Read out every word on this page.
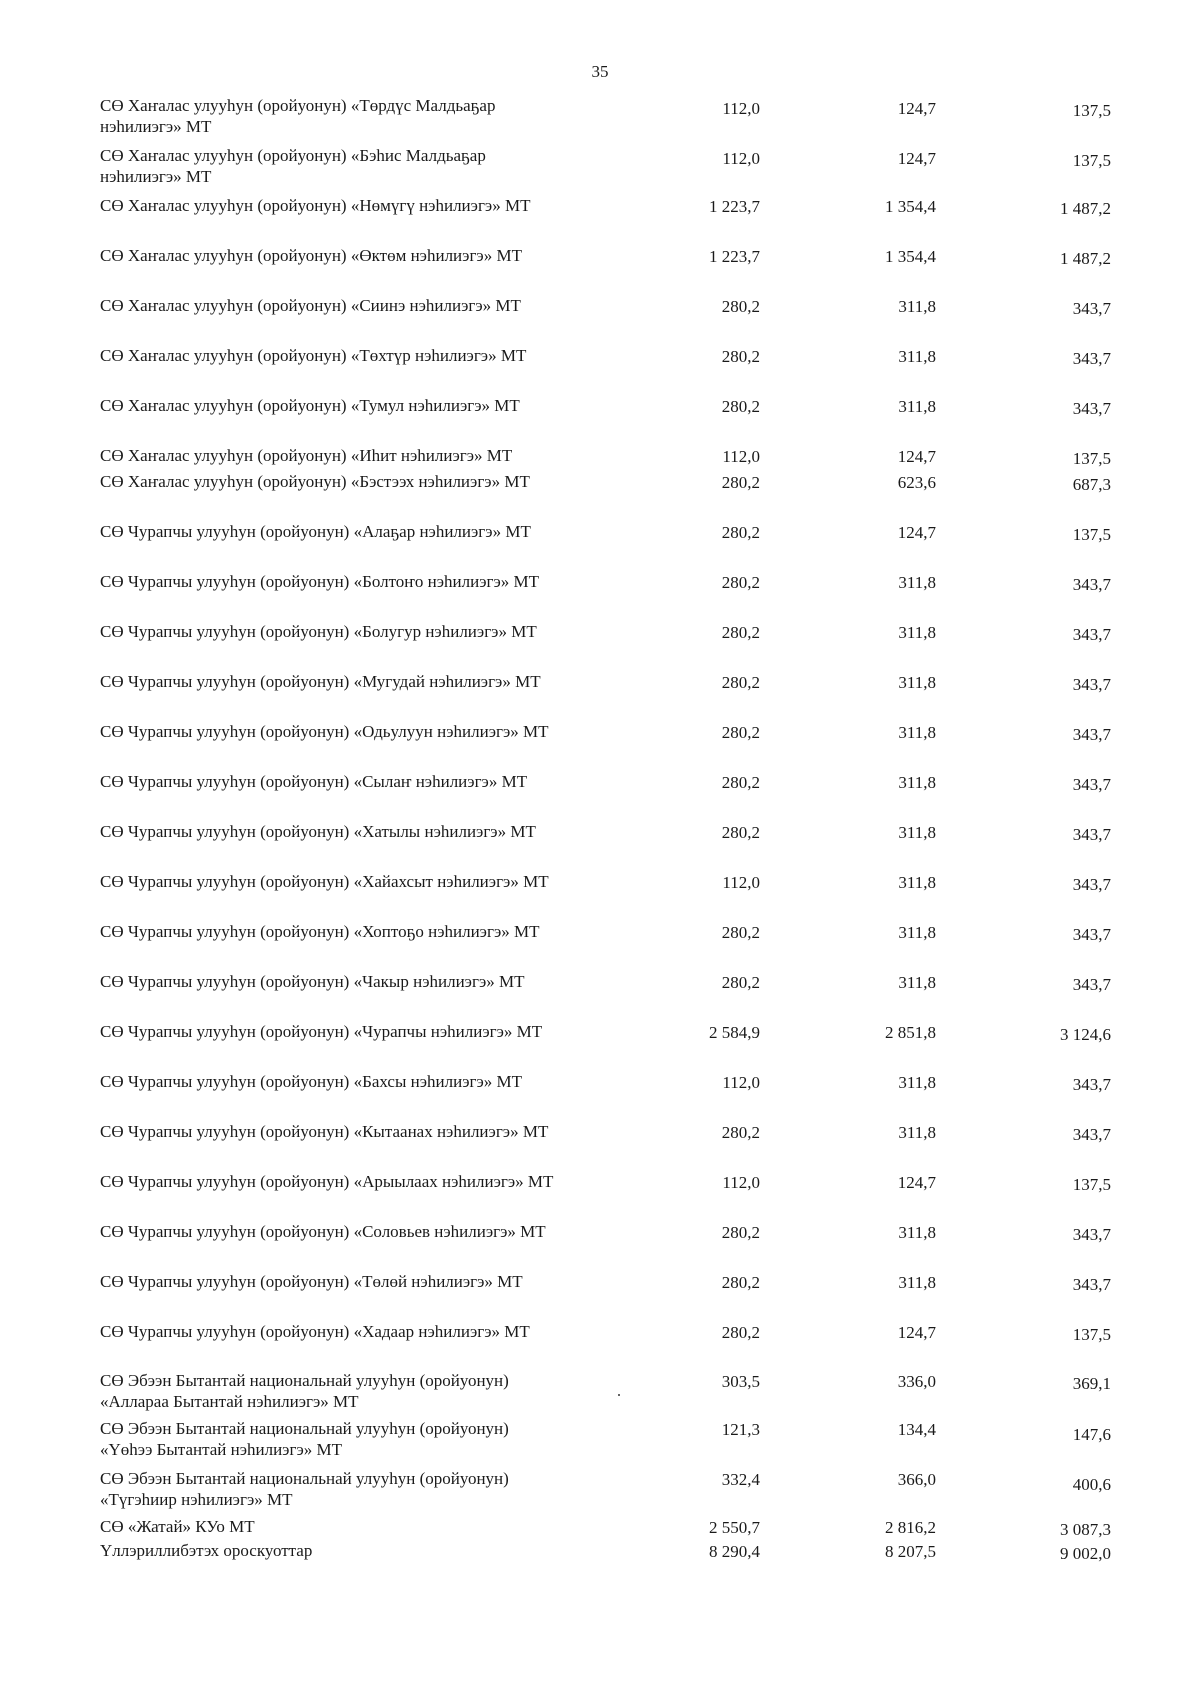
35
СӨ Хаҥалас улууһун (оройуонун) «Төрдүс Малдьаҕар
нэһилиэгэ» МТ
112,0	124,7	137,5
СӨ Хаҥалас улууһун (оройуонун) «Бэһис Малдьаҕар
нэһилиэгэ» МТ
112,0	124,7	137,5
СӨ Хаҥалас улууһун (оройуонун) «Нөмүгү нэһилиэгэ» МТ	1 223,7	1 354,4	1 487,2
СӨ Хаҥалас улууһун (оройуонун) «Өктөм нэһилиэгэ» МТ	1 223,7	1 354,4	1 487,2
СӨ Хаҥалас улууһун (оройуонун) «Сиинэ нэһилиэгэ» МТ	280,2	311,8	343,7
СӨ Хаҥалас улууһун (оройуонун) «Төхтүр нэһилиэгэ» МТ	280,2	311,8	343,7
СӨ Хаҥалас улууһун (оройуонун) «Тумул нэһилиэгэ» МТ	280,2	311,8	343,7
СӨ Хаҥалас улууһун (оройуонун) «Иһит нэһилиэгэ» МТ	112,0	124,7	137,5
СӨ Хаҥалас улууһун (оройуонун) «Бэстээх нэһилиэгэ» МТ	280,2	623,6	687,3
СӨ Чурапчы улууһун (оройуонун) «Алаҕар нэһилиэгэ» МТ	280,2	124,7	137,5
СӨ Чурапчы улууһун (оройуонун) «Болтоҥо нэһилиэгэ» МТ	280,2	311,8	343,7
СӨ Чурапчы улууһун (оройуонун) «Болугур нэһилиэгэ» МТ	280,2	311,8	343,7
СӨ Чурапчы улууһун (оройуонун) «Мугудай нэһилиэгэ» МТ	280,2	311,8	343,7
СӨ Чурапчы улууһун (оройуонун) «Одьулуун нэһилиэгэ» МТ	280,2	311,8	343,7
СӨ Чурапчы улууһун (оройуонун) «Сылаҥ нэһилиэгэ» МТ	280,2	311,8	343,7
СӨ Чурапчы улууһун (оройуонун) «Хатылы нэһилиэгэ» МТ	280,2	311,8	343,7
СӨ Чурапчы улууһун (оройуонун) «Хайахсыт нэһилиэгэ» МТ	112,0	311,8	343,7
СӨ Чурапчы улууһун (оройуонун) «Хоптоҕо нэһилиэгэ» МТ	280,2	311,8	343,7
СӨ Чурапчы улууһун (оройуонун) «Чакыр нэһилиэгэ» МТ	280,2	311,8	343,7
СӨ Чурапчы улууһун (оройуонун) «Чурапчы нэһилиэгэ» МТ	2 584,9	2 851,8	3 124,6
СӨ Чурапчы улууһун (оройуонун) «Бахсы нэһилиэгэ» МТ	112,0	311,8	343,7
СӨ Чурапчы улууһун (оройуонун) «Кытаанах нэһилиэгэ» МТ	280,2	311,8	343,7
СӨ Чурапчы улууһун (оройуонун) «Арыылаах нэһилиэгэ» МТ	112,0	124,7	137,5
СӨ Чурапчы улууһун (оройуонун) «Соловьев нэһилиэгэ» МТ	280,2	311,8	343,7
СӨ Чурапчы улууһун (оройуонун) «Төлөй нэһилиэгэ» МТ	280,2	311,8	343,7
СӨ Чурапчы улууһун (оройуонун) «Хадаар нэһилиэгэ» МТ	280,2	124,7	137,5
СӨ Эбээн Бытантай национальнай улууһун (оройуонун)
«Аллараа Бытантай нэһилиэгэ» МТ
303,5	336,0	369,1
СӨ Эбээн Бытантай национальнай улууһун (оройуонун)
«Үөһээ Бытантай нэһилиэгэ» МТ
121,3	134,4	147,6
СӨ Эбээн Бытантай национальнай улууһун (оройуонун)
«Түгэһиир нэһилиэгэ» МТ
332,4	366,0	400,6
СӨ «Жатай» КУо МТ	2 550,7	2 816,2	3 087,3
Үллэриллибэтэх ороскуоттар	8 290,4	8 207,5	9 002,0
